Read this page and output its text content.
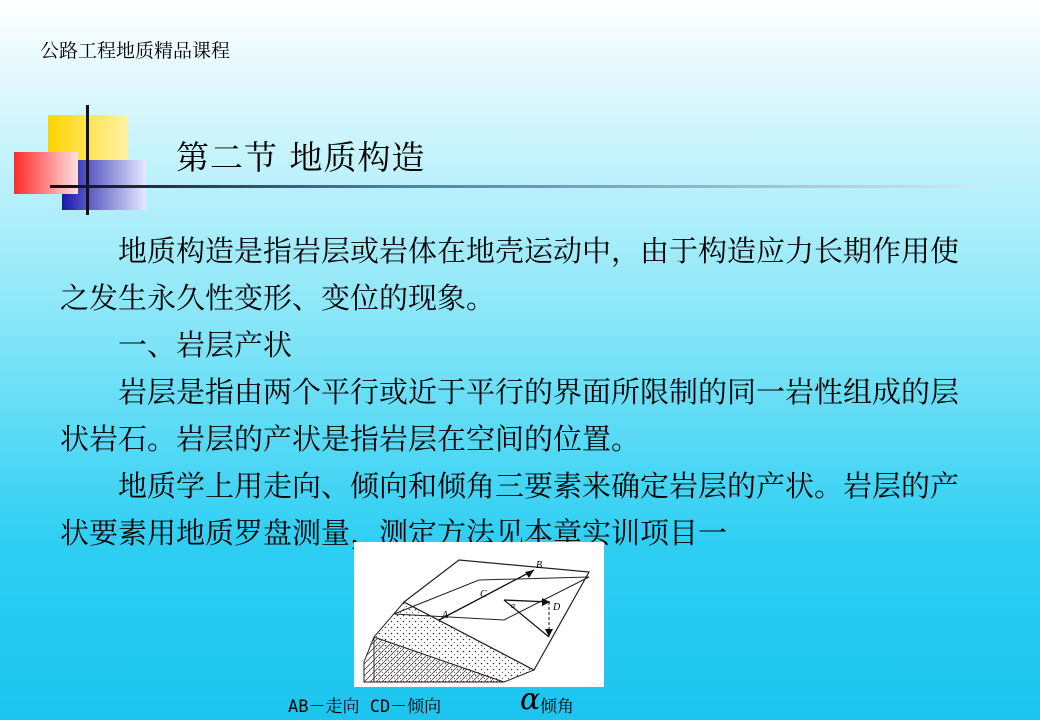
公路工程地质精品课程
第二节 地质构造

地质构造是指岩层或岩体在地壳运动中，由于构造应力长期作用使之发生永久性变形、变位的现象。

一、岩层产状

岩层是指由两个平行或近于平行的界面所限制的同一岩性组成的层状岩石。岩层的产状是指岩层在空间的位置。

地质学上用走向、倾向和倾角三要素来确定岩层的产状。岩层的产状要素用地质罗盘测量，测定方法见本章实训项目一

A
B
C
D
α
AB－走向 CD－倾向	α 倾角
